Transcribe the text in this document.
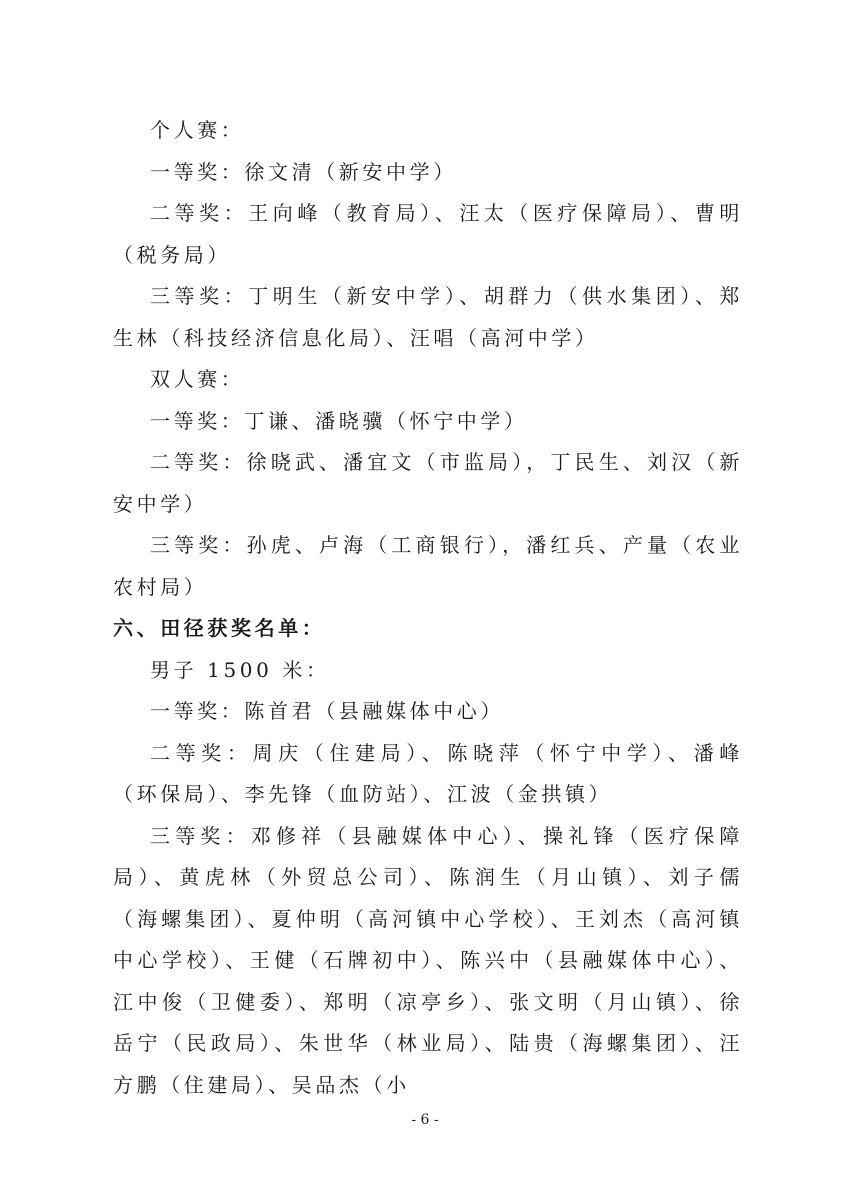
个人赛：

一等奖：徐文清（新安中学）

二等奖：王向峰（教育局）、汪太（医疗保障局）、曹明（税务局）

三等奖：丁明生（新安中学）、胡群力（供水集团）、郑生林（科技经济信息化局）、汪唱（高河中学）

双人赛：

一等奖：丁谦、潘晓骥（怀宁中学）

二等奖：徐晓武、潘宜文（市监局），丁民生、刘汉（新安中学）

三等奖：孙虎、卢海（工商银行），潘红兵、产量（农业农村局）

六、田径获奖名单：

男子 1500 米：

一等奖：陈首君（县融媒体中心）

二等奖：周庆（住建局）、陈晓萍（怀宁中学）、潘峰（环保局）、李先锋（血防站）、江波（金拱镇）

三等奖：邓修祥（县融媒体中心）、操礼锋（医疗保障局）、黄虎林（外贸总公司）、陈润生（月山镇）、刘子儒（海螺集团）、夏仲明（高河镇中心学校）、王刘杰（高河镇中心学校）、王健（石牌初中）、陈兴中（县融媒体中心）、江中俊（卫健委）、郑明（凉亭乡）、张文明（月山镇）、徐岳宁（民政局）、朱世华（林业局）、陆贵（海螺集团）、汪方鹏（住建局）、吴品杰（小

- 6 -
